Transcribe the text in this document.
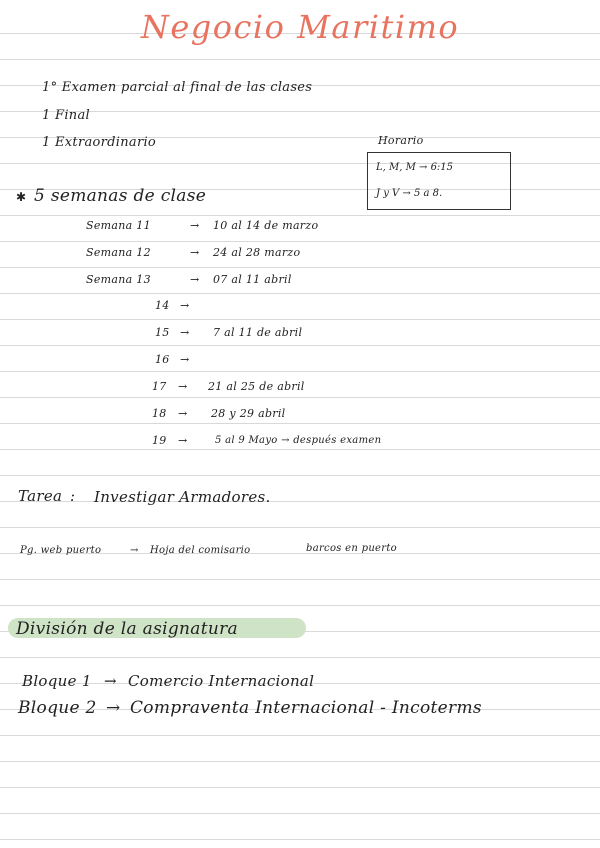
Negocio Maritimo
1° Examen parcial al final de las clases
1 Final
1 Extraordinario	Horario
L, M, M → 6:15
J y V → 5 a 8.
✱ 5 semanas de clase
Semana 11	→ 10 al 14 de marzo
Semana 12	→ 24 al 28 marzo
Semana 13	→ 07 al 11 abril
14 →
15 → 7 al 11 de abril
16 →
17 → 21 al 25 de abril
18 → 28 y 29 abril
19 →	5 al 9 Mayo → después examen
Tarea : Investigar Armadores.
Pg. web puerto	→ Hoja del comisario	barcos en puerto
División de la asignatura
Bloque 1 → Comercio Internacional
Bloque 2 → Compraventa Internacional - Incoterms
